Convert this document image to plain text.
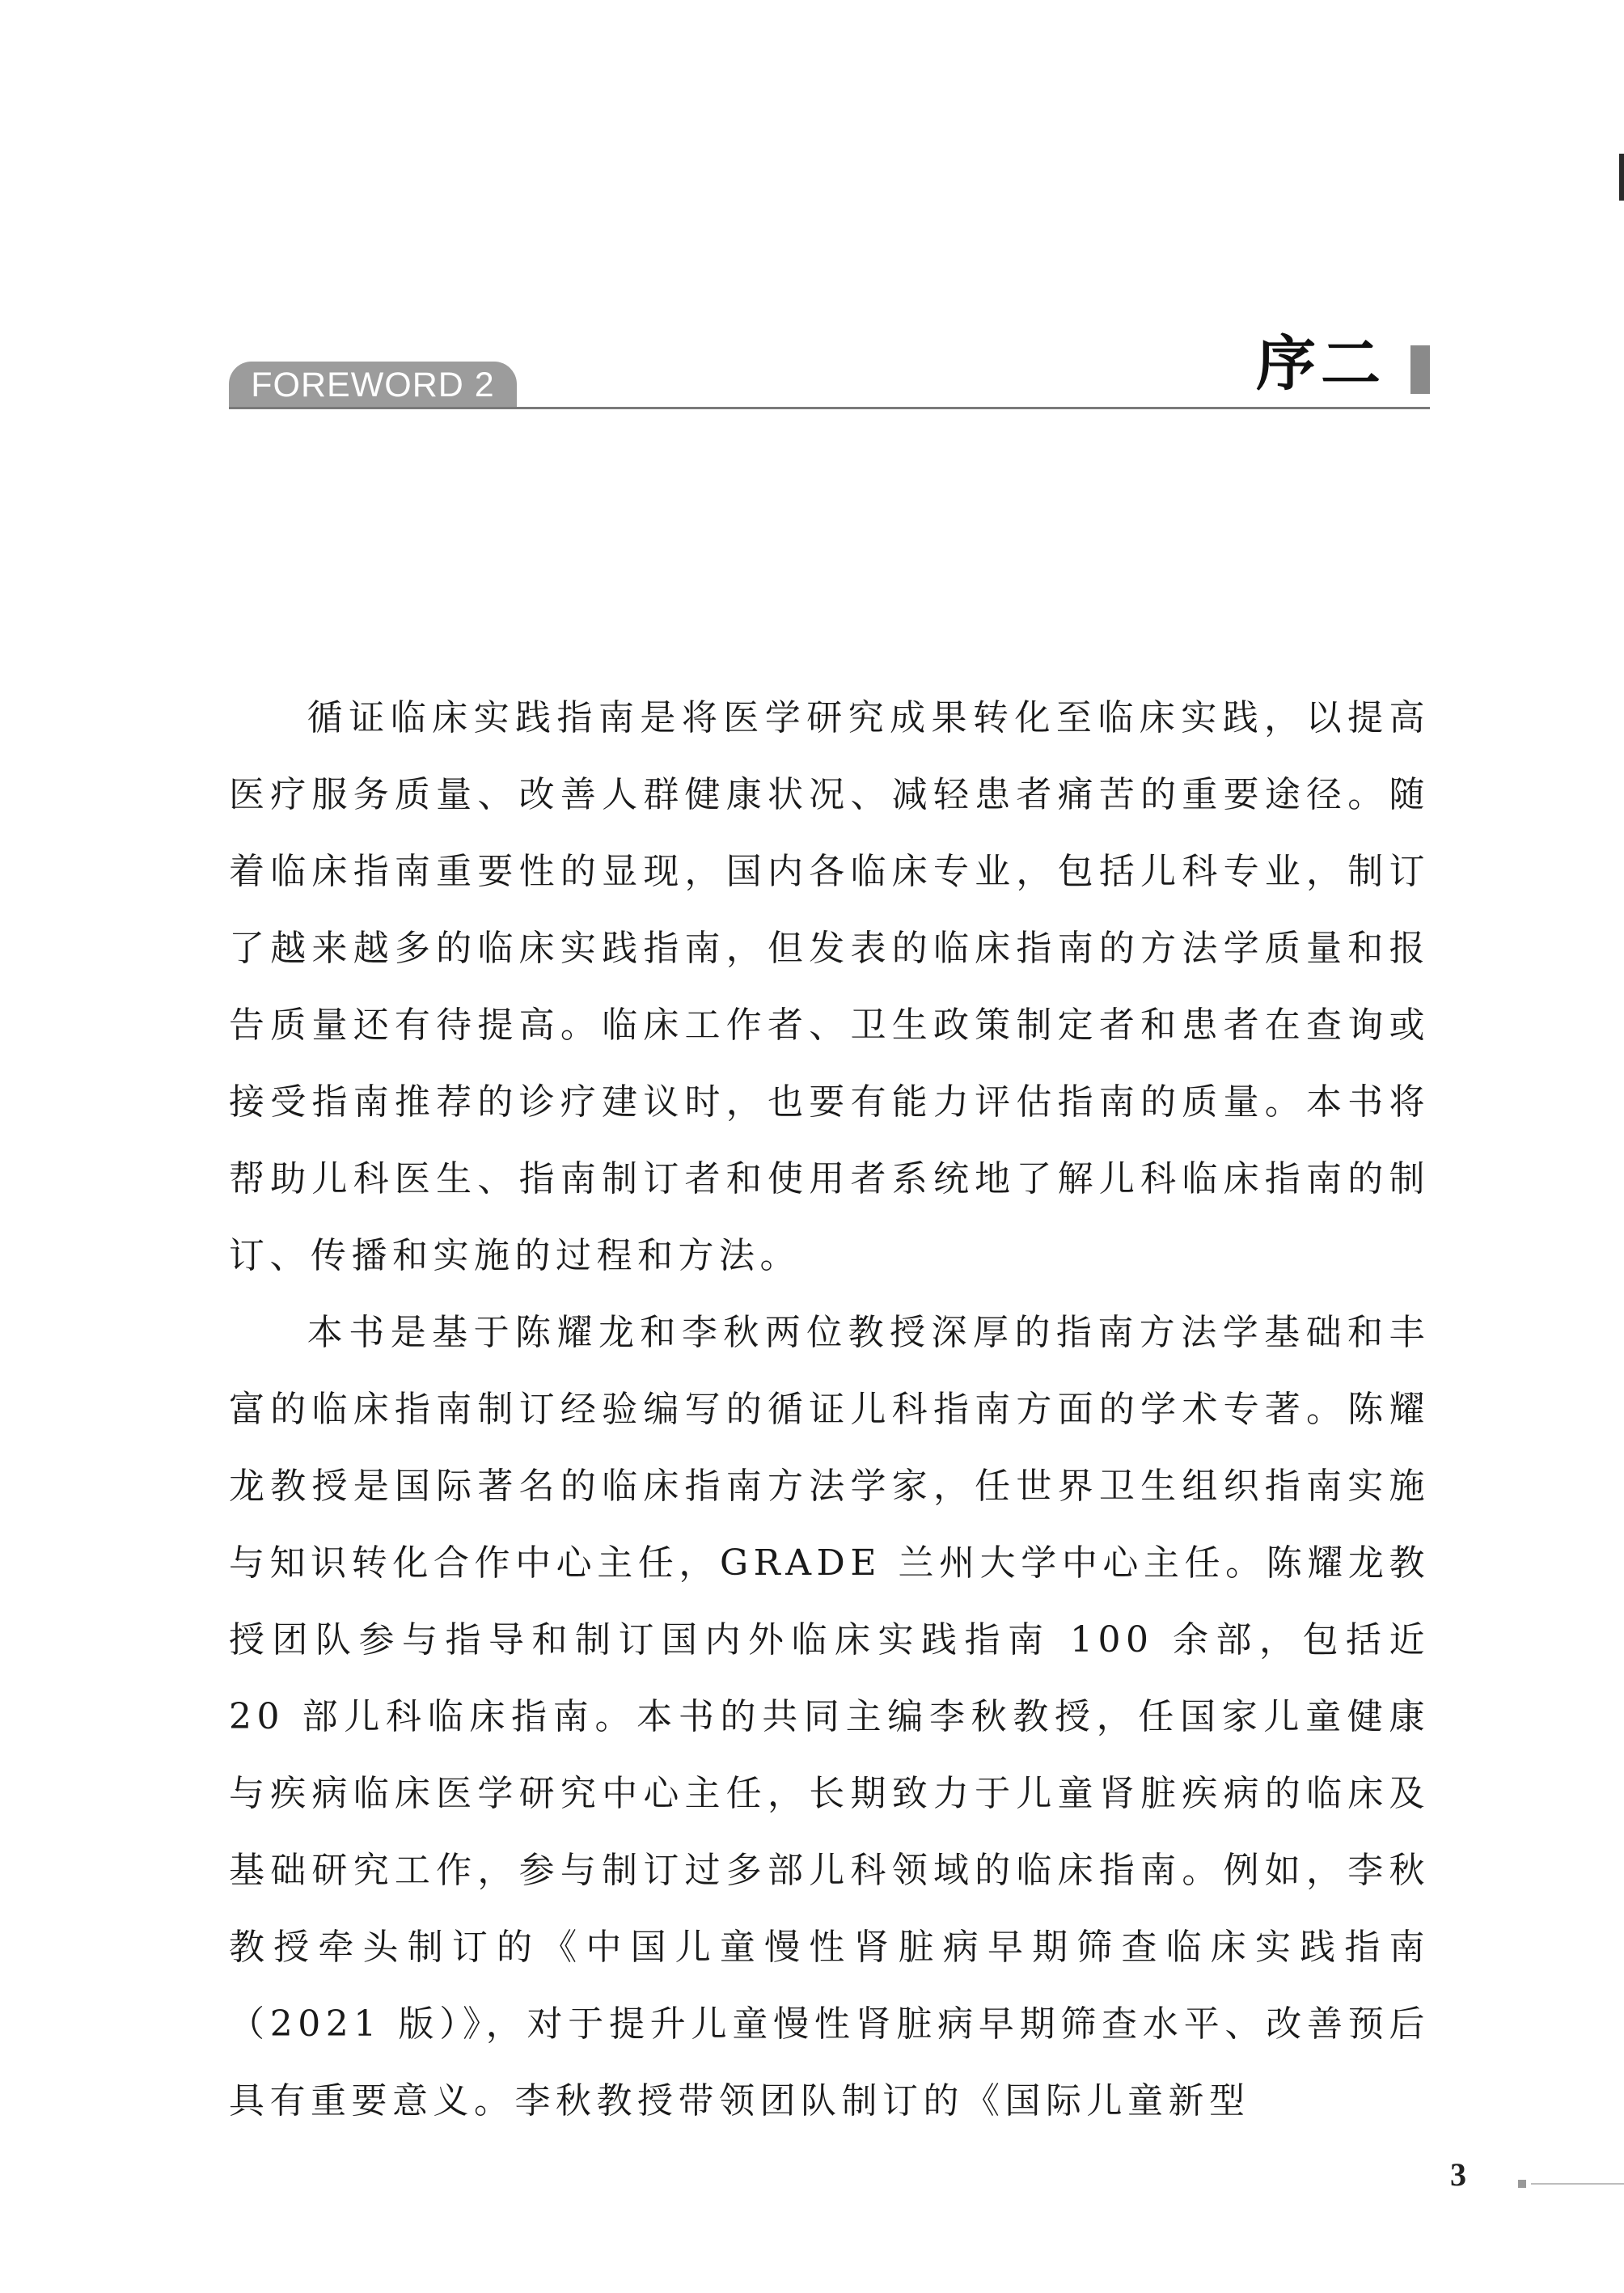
FOREWORD 2	序二

循证临床实践指南是将医学研究成果转化至临床实践，以提高医疗服务质量、改善人群健康状况、减轻患者痛苦的重要途径。随着临床指南重要性的显现，国内各临床专业，包括儿科专业，制订了越来越多的临床实践指南，但发表的临床指南的方法学质量和报告质量还有待提高。临床工作者、卫生政策制定者和患者在查询或接受指南推荐的诊疗建议时，也要有能力评估指南的质量。本书将帮助儿科医生、指南制订者和使用者系统地了解儿科临床指南的制订、传播和实施的过程和方法。

本书是基于陈耀龙和李秋两位教授深厚的指南方法学基础和丰富的临床指南制订经验编写的循证儿科指南方面的学术专著。陈耀龙教授是国际著名的临床指南方法学家，任世界卫生组织指南实施与知识转化合作中心主任，GRADE 兰州大学中心主任。陈耀龙教授团队参与指导和制订国内外临床实践指南 100 余部，包括近 20 部儿科临床指南。本书的共同主编李秋教授，任国家儿童健康与疾病临床医学研究中心主任，长期致力于儿童肾脏疾病的临床及基础研究工作，参与制订过多部儿科领域的临床指南。例如，李秋教授牵头制订的《中国儿童慢性肾脏病早期筛查临床实践指南（2021 版）》，对于提升儿童慢性肾脏病早期筛查水平、改善预后具有重要意义。李秋教授带领团队制订的《国际儿童新型

3
